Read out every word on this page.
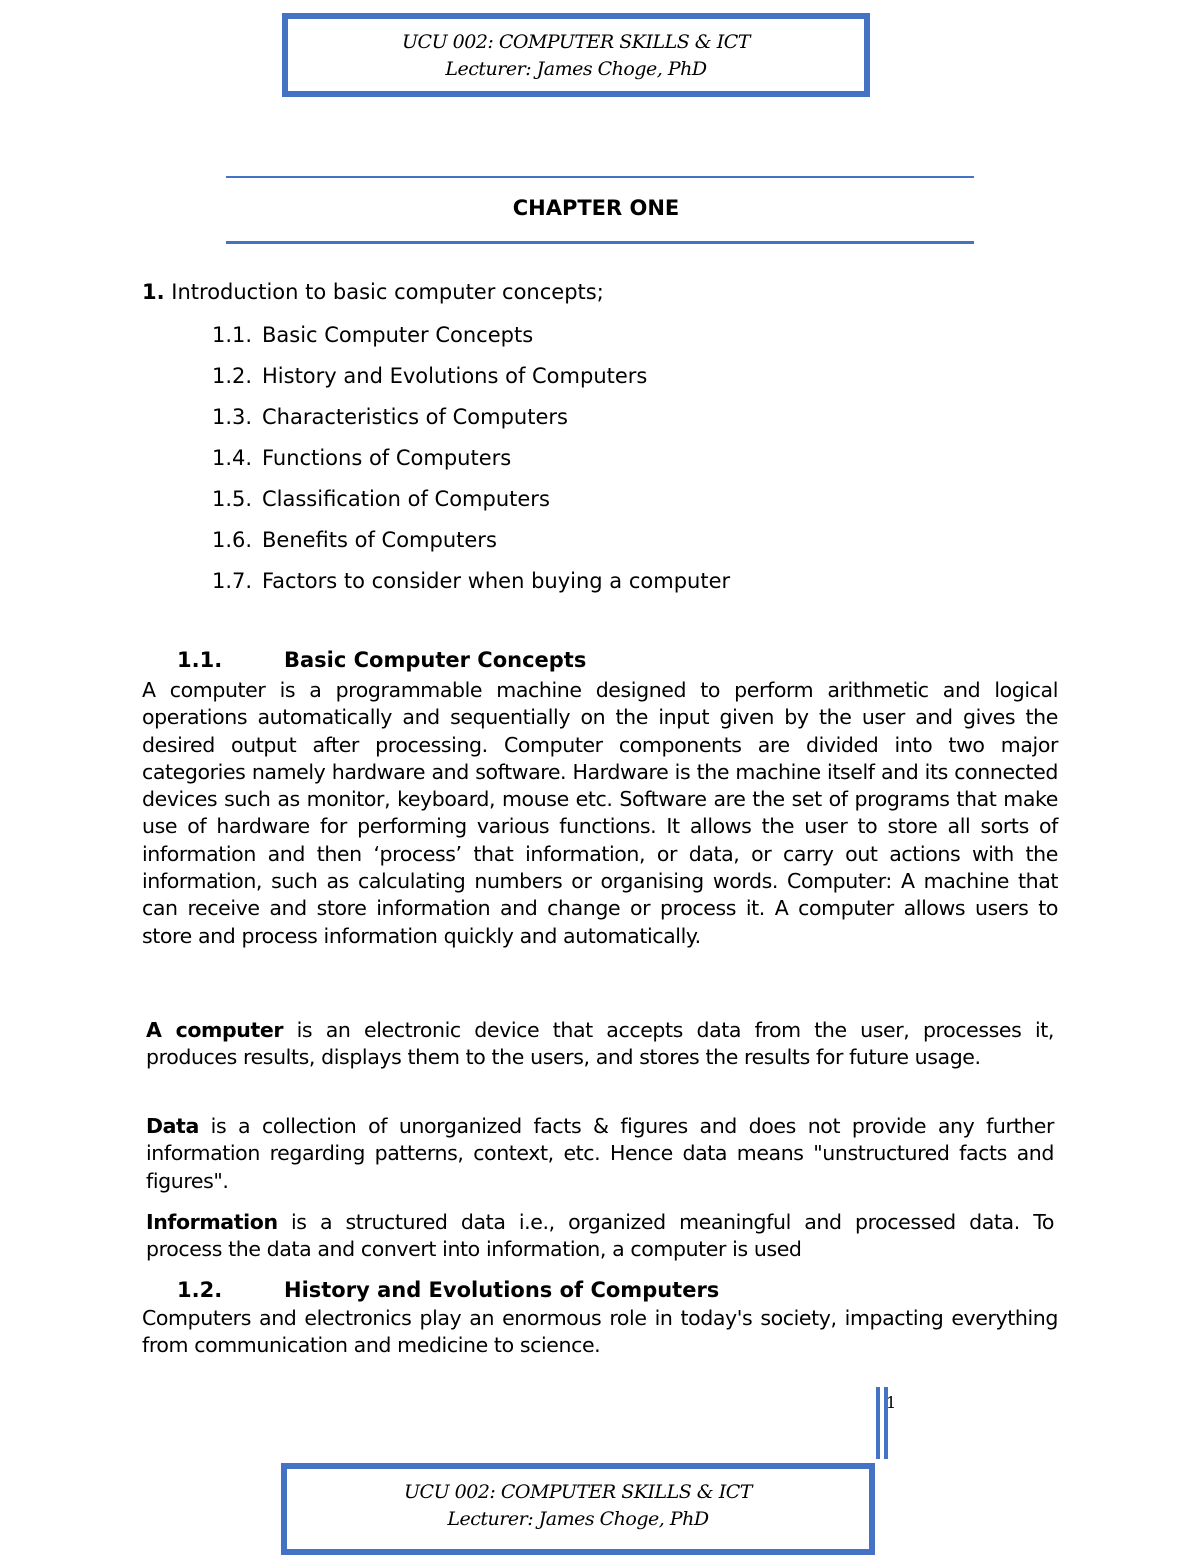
UCU 002: COMPUTER SKILLS & ICT
Lecturer: James Choge, PhD
CHAPTER ONE
1. Introduction to basic computer concepts;
1.1. Basic Computer Concepts
1.2. History and Evolutions of Computers
1.3. Characteristics of Computers
1.4. Functions of Computers
1.5. Classification of Computers
1.6. Benefits of Computers
1.7. Factors to consider when buying a computer
1.1.	Basic Computer Concepts

A computer is a programmable machine designed to perform arithmetic and logical operations automatically and sequentially on the input given by the user and gives the desired output after processing. Computer components are divided into two major categories namely hardware and software. Hardware is the machine itself and its connected devices such as monitor, keyboard, mouse etc. Software are the set of programs that make use of hardware for performing various functions. It allows the user to store all sorts of information and then ‘process’ that information, or data, or carry out actions with the information, such as calculating numbers or organising words. Computer: A machine that can receive and store information and change or process it. A computer allows users to store and process information quickly and automatically.

A computer is an electronic device that accepts data from the user, processes it, produces results, displays them to the users, and stores the results for future usage.

Data is a collection of unorganized facts & figures and does not provide any further information regarding patterns, context, etc. Hence data means "unstructured facts and figures".

Information is a structured data i.e., organized meaningful and processed data. To process the data and convert into information, a computer is used

1.2.	History and Evolutions of Computers

Computers and electronics play an enormous role in today's society, impacting everything from communication and medicine to science.

1
UCU 002: COMPUTER SKILLS & ICT
Lecturer: James Choge, PhD
